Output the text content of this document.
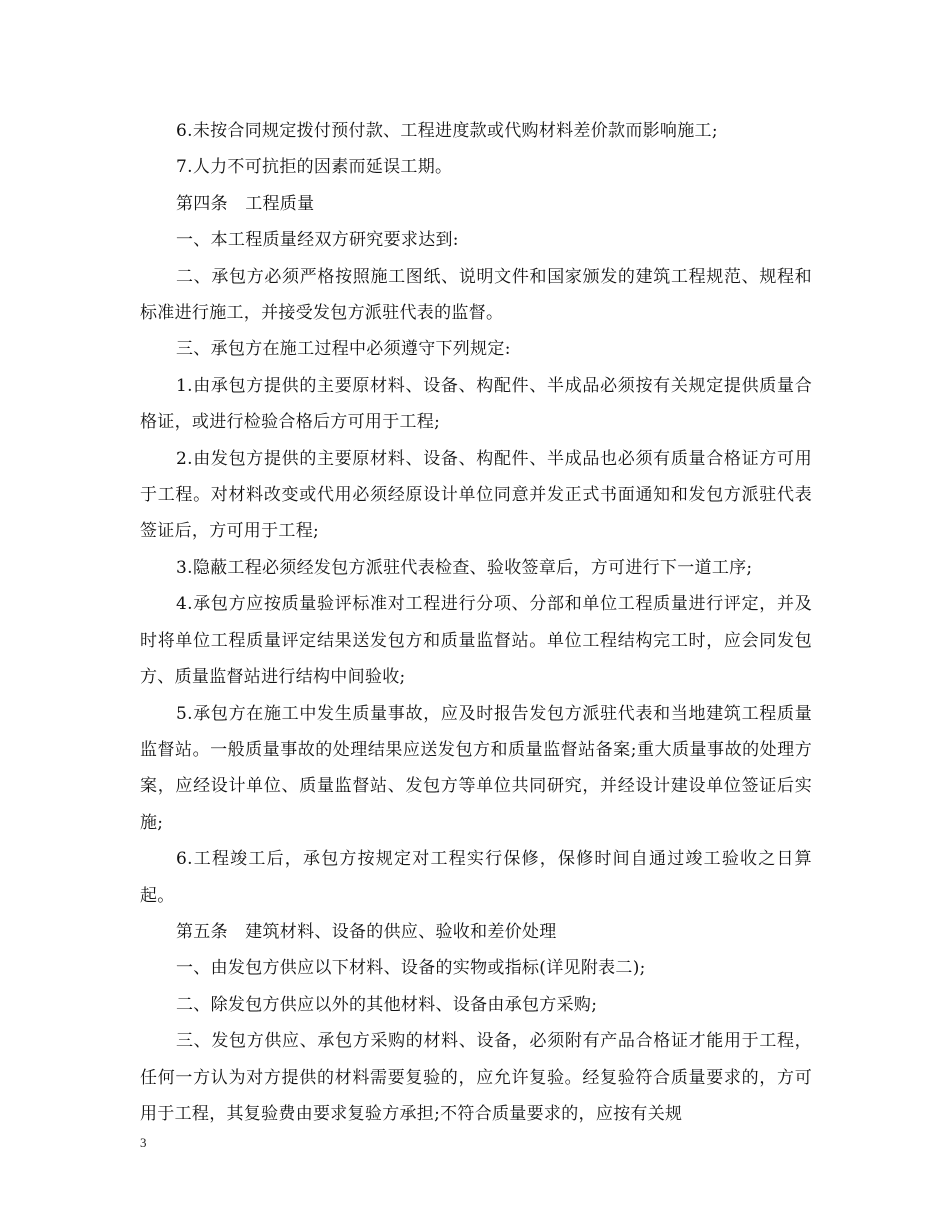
6.未按合同规定拨付预付款、工程进度款或代购材料差价款而影响施工;

7.人力不可抗拒的因素而延误工期。

第四条　工程质量

一、本工程质量经双方研究要求达到:

二、承包方必须严格按照施工图纸、说明文件和国家颁发的建筑工程规范、规程和标准进行施工，并接受发包方派驻代表的监督。

三、承包方在施工过程中必须遵守下列规定:

1.由承包方提供的主要原材料、设备、构配件、半成品必须按有关规定提供质量合格证，或进行检验合格后方可用于工程;

2.由发包方提供的主要原材料、设备、构配件、半成品也必须有质量合格证方可用于工程。对材料改变或代用必须经原设计单位同意并发正式书面通知和发包方派驻代表签证后，方可用于工程;

3.隐蔽工程必须经发包方派驻代表检查、验收签章后，方可进行下一道工序;

4.承包方应按质量验评标准对工程进行分项、分部和单位工程质量进行评定，并及时将单位工程质量评定结果送发包方和质量监督站。单位工程结构完工时，应会同发包方、质量监督站进行结构中间验收;

5.承包方在施工中发生质量事故，应及时报告发包方派驻代表和当地建筑工程质量监督站。一般质量事故的处理结果应送发包方和质量监督站备案;重大质量事故的处理方案，应经设计单位、质量监督站、发包方等单位共同研究，并经设计建设单位签证后实施;

6.工程竣工后，承包方按规定对工程实行保修，保修时间自通过竣工验收之日算起。

第五条　建筑材料、设备的供应、验收和差价处理

一、由发包方供应以下材料、设备的实物或指标(详见附表二);

二、除发包方供应以外的其他材料、设备由承包方采购;

三、发包方供应、承包方采购的材料、设备，必须附有产品合格证才能用于工程，任何一方认为对方提供的材料需要复验的，应允许复验。经复验符合质量要求的，方可用于工程，其复验费由要求复验方承担;不符合质量要求的，应按有关规

3
